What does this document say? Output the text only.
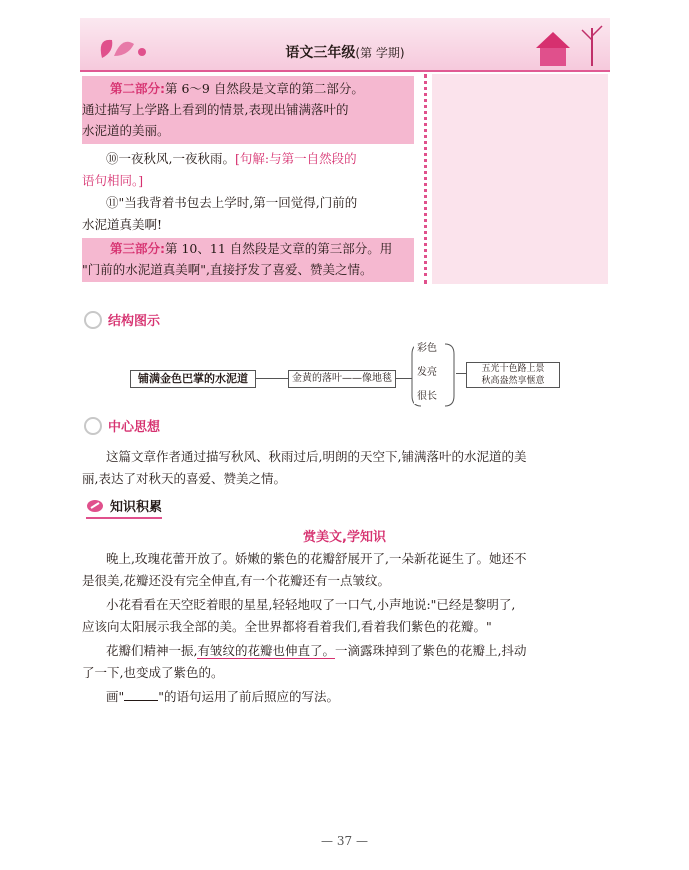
语文三年级(第 学期)
第二部分:第 6～9 自然段是文章的第二部分。
通过描写上学路上看到的情景,表现出铺满落叶的
水泥道的美丽。
⑩一夜秋风,一夜秋雨。[句解:与第一自然段的
语句相同。]
⑪"当我背着书包去上学时,第一回觉得,门前的
水泥道真美啊!
第三部分:第 10、11 自然段是文章的第三部分。用
"门前的水泥道真美啊",直接抒发了喜爱、赞美之情。
结构图示
铺满金色巴掌的水泥道	金黄的落叶——像地毯
彩色
发亮
很长
五光十色路上景
秋高盎然享惬意
中心思想
这篇文章作者通过描写秋风、秋雨过后,明朗的天空下,铺满落叶的水泥道的美
丽,表达了对秋天的喜爱、赞美之情。
知识积累
赏美文,学知识
晚上,玫瑰花蕾开放了。娇嫩的紫色的花瓣舒展开了,一朵新花诞生了。她还不
是很美,花瓣还没有完全伸直,有一个花瓣还有一点皱纹。
小花看看在天空眨着眼的星星,轻轻地叹了一口气,小声地说:"已经是黎明了,
应该向太阳展示我全部的美。全世界都将看着我们,看着我们紫色的花瓣。"
花瓣们精神一振,有皱纹的花瓣也伸直了。一滴露珠掉到了紫色的花瓣上,抖动
了一下,也变成了紫色的。
画"	"的语句运用了前后照应的写法。
— 37 —
